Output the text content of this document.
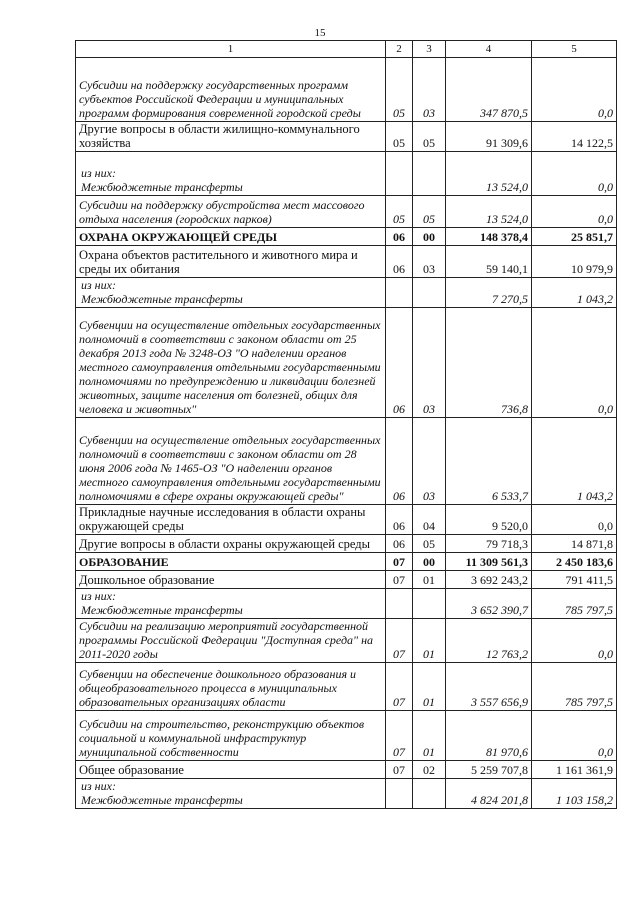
15
1	2	3	4	5

Субсидии на поддержку государственных программ субъектов Российской Федерации и муниципальных программ формирования современной городской среды	05	03	347 870,5	0,0

Другие вопросы в области жилищно-коммунального хозяйства	05	05	91 309,6	14 122,5

из них:
Межбюджетные трансферты			13 524,0	0,0

Субсидии на поддержку обустройства мест массового отдыха населения (городских парков)	05	05	13 524,0	0,0

ОХРАНА ОКРУЖАЮЩЕЙ СРЕДЫ	06	00	148 378,4	25 851,7

Охрана объектов растительного и животного мира и среды их обитания	06	03	59 140,1	10 979,9

из них:
Межбюджетные трансферты			7 270,5	1 043,2

Субвенции на осуществление отдельных государственных полномочий в соответствии с законом области от 25 декабря 2013 года № 3248-ОЗ "О наделении органов местного самоуправления отдельными государственными полномочиями по предупреждению и ликвидации болезней животных, защите населения от болезней, общих для человека и животных"	06	03	736,8	0,0

Субвенции на осуществление отдельных государственных полномочий в соответствии с законом области от 28 июня 2006 года № 1465-ОЗ "О наделении органов местного самоуправления отдельными государственными полномочиями в сфере охраны окружающей среды"	06	03	6 533,7	1 043,2

Прикладные научные исследования в области охраны окружающей среды	06	04	9 520,0	0,0

Другие вопросы в области охраны окружающей среды	06	05	79 718,3	14 871,8

ОБРАЗОВАНИЕ	07	00	11 309 561,3	2 450 183,6

Дошкольное образование	07	01	3 692 243,2	791 411,5

из них:
Межбюджетные трансферты			3 652 390,7	785 797,5

Субсидии на реализацию мероприятий государственной программы Российской Федерации "Доступная среда" на 2011-2020 годы	07	01	12 763,2	0,0

Субвенции на обеспечение дошкольного образования и общеобразовательного процесса в муниципальных образовательных организациях области	07	01	3 557 656,9	785 797,5

Субсидии на строительство, реконструкцию объектов социальной и коммунальной инфраструктур муниципальной собственности	07	01	81 970,6	0,0

Общее образование	07	02	5 259 707,8	1 161 361,9

из них:
Межбюджетные трансферты			4 824 201,8	1 103 158,2
